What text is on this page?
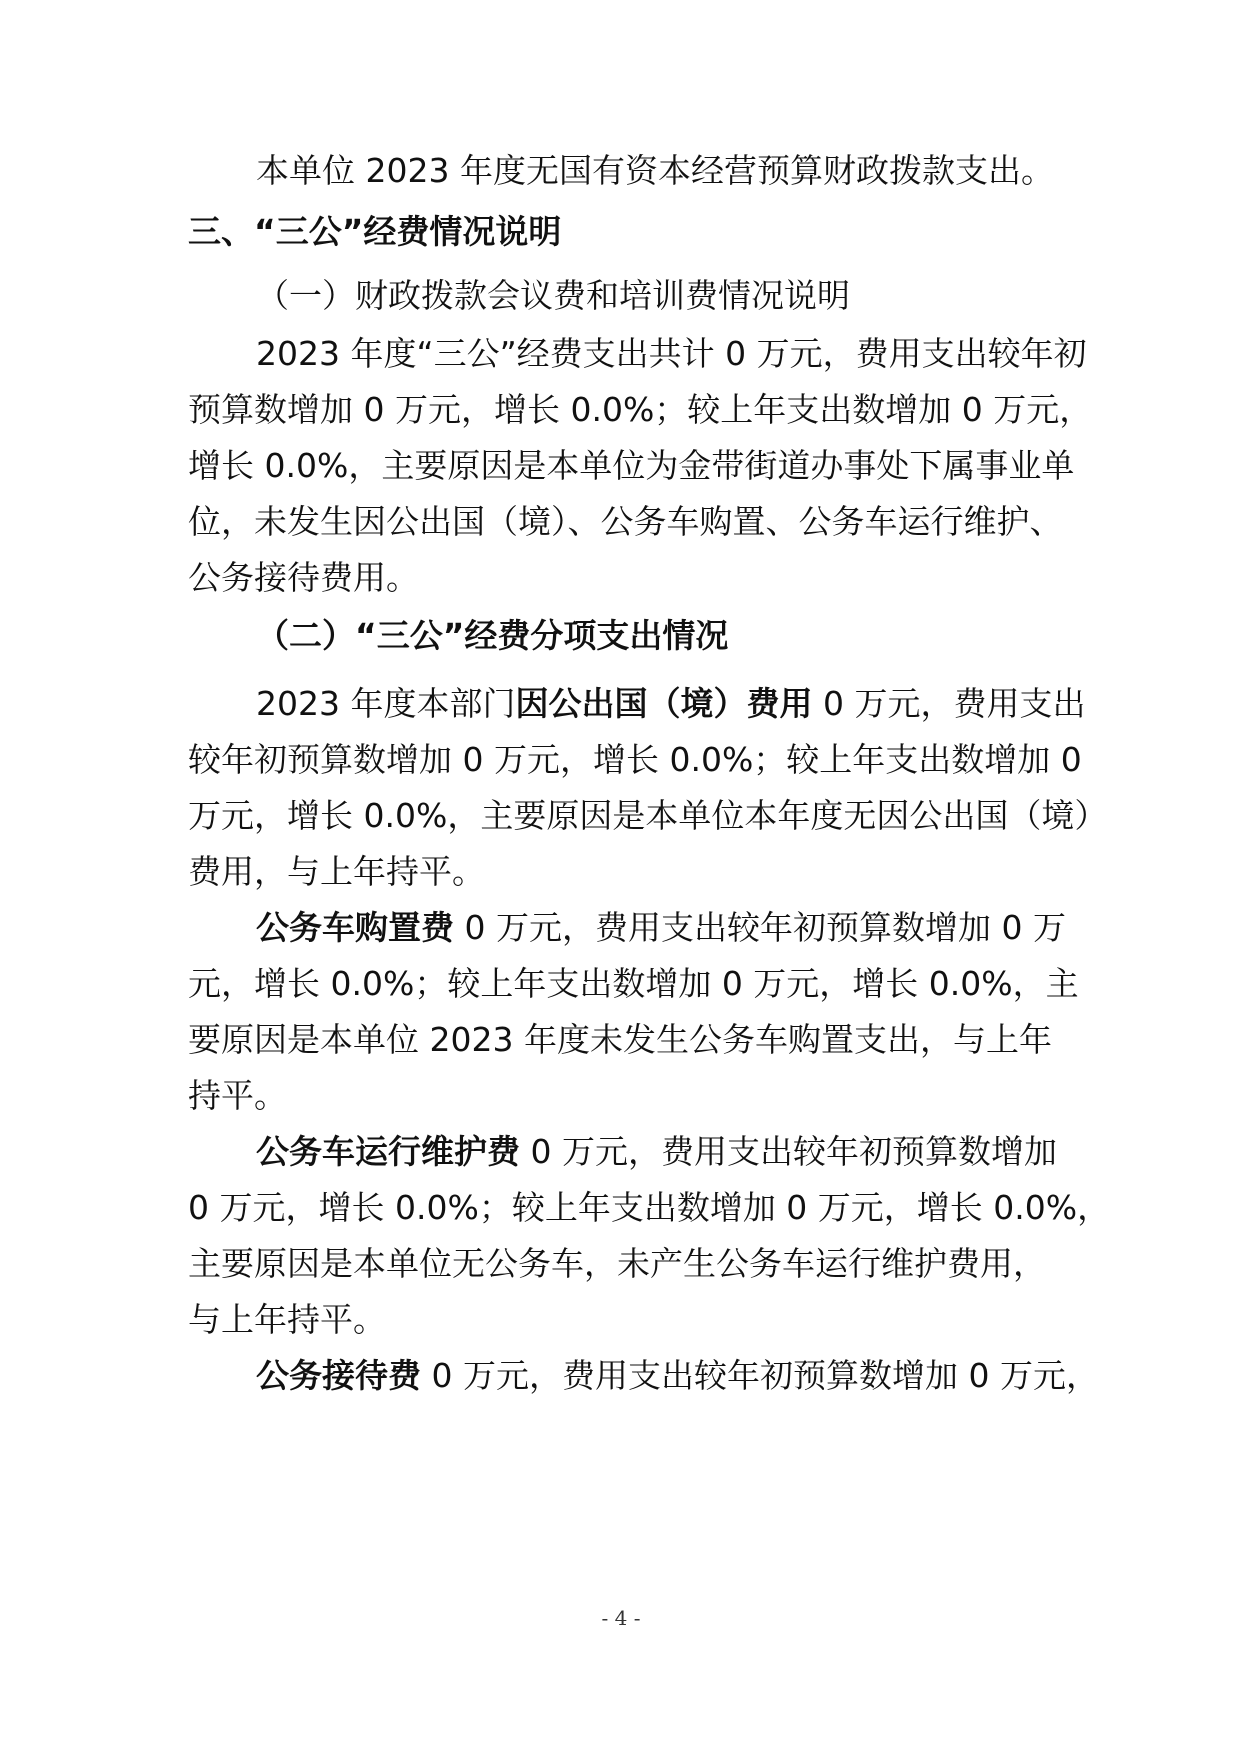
本单位 2023 年度无国有资本经营预算财政拨款支出。
三、“三公”经费情况说明
（一）财政拨款会议费和培训费情况说明
2023 年度“三公”经费支出共计 0 万元，费用支出较年初
预算数增加 0 万元，增长 0.0%；较上年支出数增加 0 万元，
增长 0.0%，主要原因是本单位为金带街道办事处下属事业单
位，未发生因公出国（境）、公务车购置、公务车运行维护、
公务接待费用。
（二）“三公”经费分项支出情况
2023 年度本部门因公出国（境）费用 0 万元，费用支出
较年初预算数增加 0 万元，增长 0.0%；较上年支出数增加 0
万元，增长 0.0%，主要原因是本单位本年度无因公出国（境）
费用，与上年持平。
公务车购置费 0 万元，费用支出较年初预算数增加 0 万
元，增长 0.0%；较上年支出数增加 0 万元，增长 0.0%，主
要原因是本单位 2023 年度未发生公务车购置支出，与上年
持平。
公务车运行维护费 0 万元，费用支出较年初预算数增加
0 万元，增长 0.0%；较上年支出数增加 0 万元，增长 0.0%，
主要原因是本单位无公务车，未产生公务车运行维护费用，
与上年持平。
公务接待费 0 万元，费用支出较年初预算数增加 0 万元，
- 4 -
